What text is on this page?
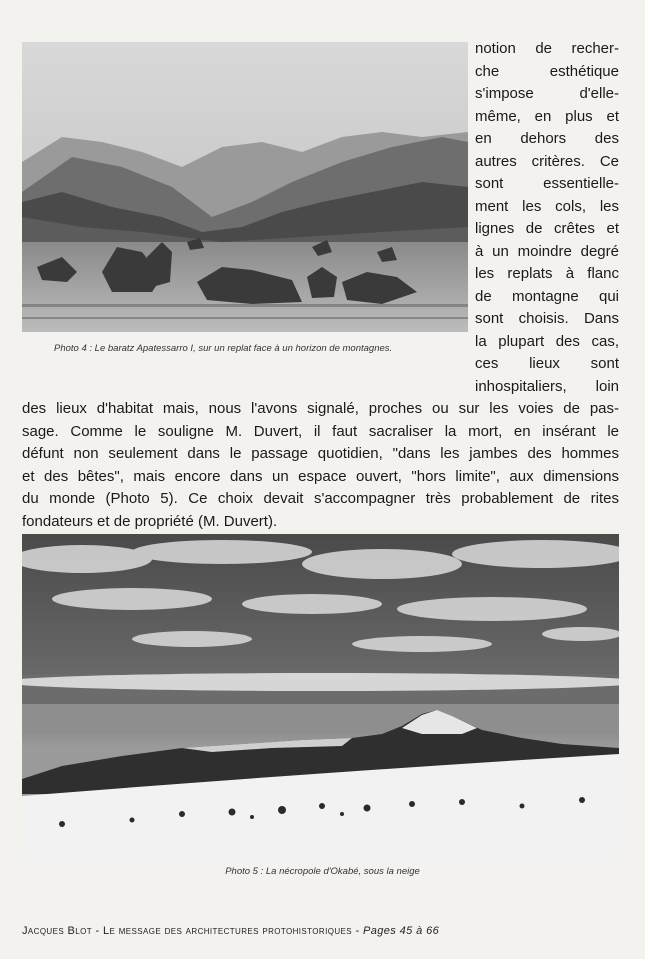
Photo 4 : Le baratz Apatessarro I, sur un replat face à un horizon de montagnes.
notion de recher-
che esthétique
s'impose d'elle-
même, en plus et
en dehors des
autres critères. Ce
sont essentielle-
ment les cols, les
lignes de crêtes et
à un moindre degré
les replats à flanc
de montagne qui
sont choisis. Dans
la plupart des cas,
ces lieux sont
inhospitaliers, loin
des lieux d'habitat mais, nous l'avons signalé, proches ou sur les voies de pas-
sage. Comme le souligne M. Duvert, il faut sacraliser la mort, en insérant le
défunt non seulement dans le passage quotidien, "dans les jambes des hommes
et des bêtes", mais encore dans un espace ouvert, "hors limite", aux dimensions
du monde (Photo 5). Ce choix devait s'accompagner très probablement de rites
fondateurs et de propriété (M. Duvert).
Photo 5 : La nécropole d'Okabé, sous la neige
Jacques Blot - Le message des architectures protohistoriques - Pages 45 à 66
